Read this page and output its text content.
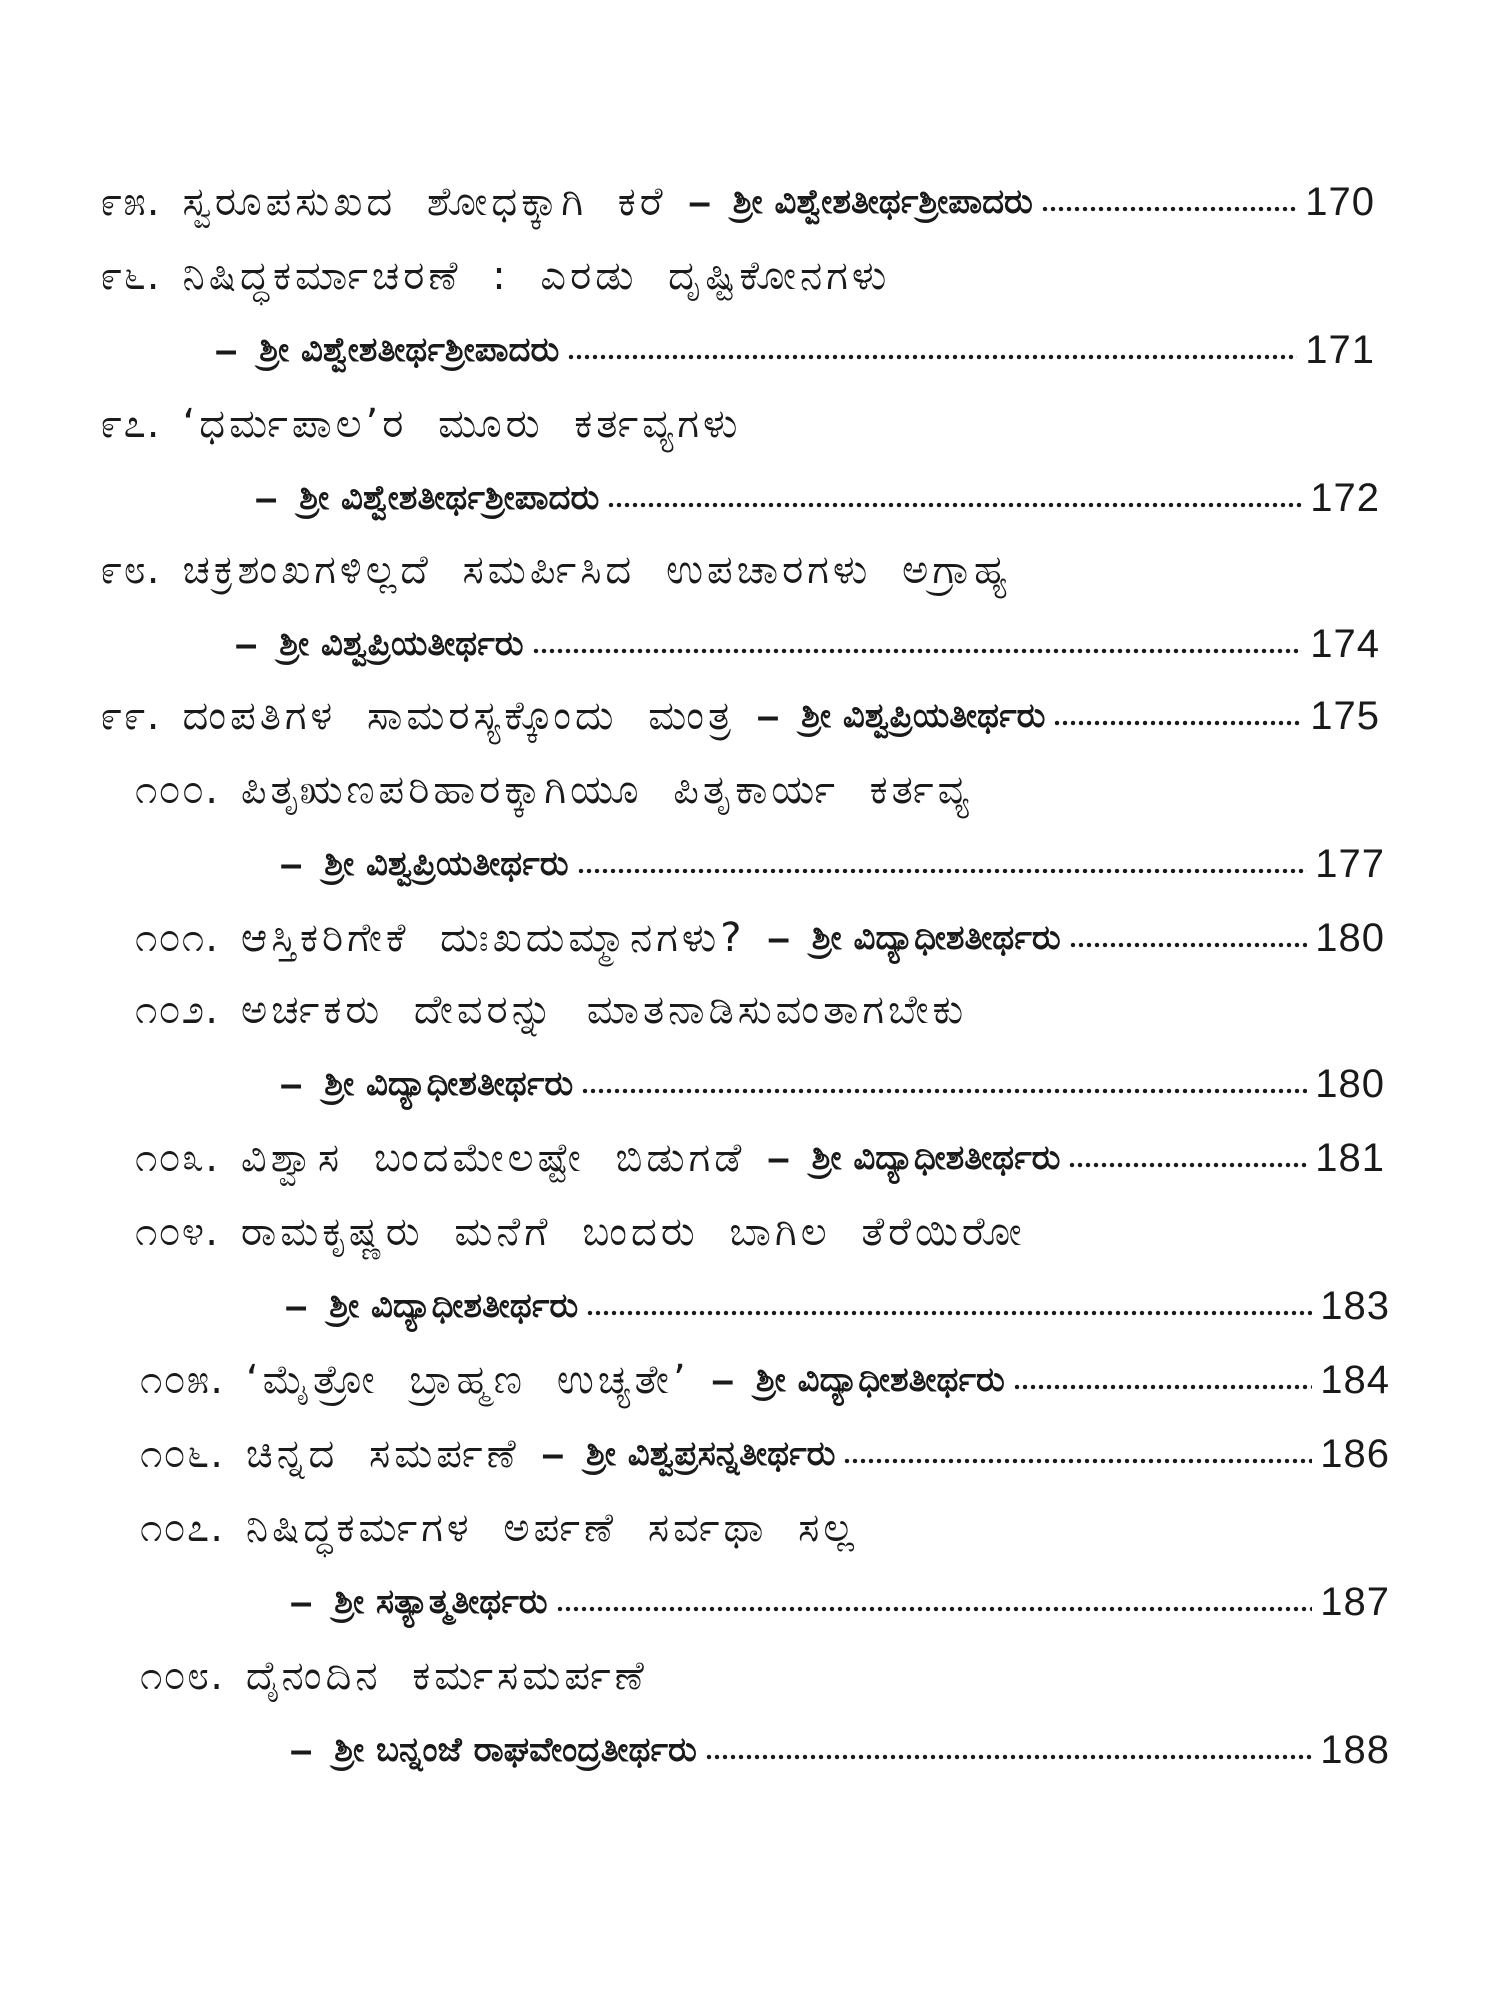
೯೫. ಸ್ವರೂಪಸುಖದ ಶೋಧಕ್ಕಾಗಿ ಕರೆ – ಶ್ರೀ ವಿಶ್ವೇಶತೀರ್ಥಶ್ರೀಪಾದರು	170
೯೬. ನಿಷಿದ್ಧಕರ್ಮಾಚರಣೆ : ಎರಡು ದೃಷ್ಟಿಕೋನಗಳು
– ಶ್ರೀ ವಿಶ್ವೇಶತೀರ್ಥಶ್ರೀಪಾದರು	171
೯೭. ‘ಧರ್ಮಪಾಲ’ರ ಮೂರು ಕರ್ತವ್ಯಗಳು
– ಶ್ರೀ ವಿಶ್ವೇಶತೀರ್ಥಶ್ರೀಪಾದರು	172
೯೮. ಚಕ್ರಶಂಖಗಳಿಲ್ಲದೆ ಸಮರ್ಪಿಸಿದ ಉಪಚಾರಗಳು ಅಗ್ರಾಹ್ಯ
– ಶ್ರೀ ವಿಶ್ವಪ್ರಿಯತೀರ್ಥರು	174
೯೯. ದಂಪತಿಗಳ ಸಾಮರಸ್ಯಕ್ಕೊಂದು ಮಂತ್ರ – ಶ್ರೀ ವಿಶ್ವಪ್ರಿಯತೀರ್ಥರು	175
೧೦೦. ಪಿತೃಋಣಪರಿಹಾರಕ್ಕಾಗಿಯೂ ಪಿತೃಕಾರ್ಯ ಕರ್ತವ್ಯ
– ಶ್ರೀ ವಿಶ್ವಪ್ರಿಯತೀರ್ಥರು	177
೧೦೧. ಆಸ್ತಿಕರಿಗೇಕೆ ದುಃಖದುಮ್ಮಾನಗಳು? – ಶ್ರೀ ವಿದ್ಯಾಧೀಶತೀರ್ಥರು	180
೧೦೨. ಅರ್ಚಕರು ದೇವರನ್ನು ಮಾತನಾಡಿಸುವಂತಾಗಬೇಕು
– ಶ್ರೀ ವಿದ್ಯಾಧೀಶತೀರ್ಥರು	180
೧೦೩. ವಿಶ್ವಾಸ ಬಂದಮೇಲಷ್ಟೇ ಬಿಡುಗಡೆ – ಶ್ರೀ ವಿದ್ಯಾಧೀಶತೀರ್ಥರು	181
೧೦೪. ರಾಮಕೃಷ್ಣರು ಮನೆಗೆ ಬಂದರು ಬಾಗಿಲ ತೆರೆಯಿರೋ
– ಶ್ರೀ ವಿದ್ಯಾಧೀಶತೀರ್ಥರು	183
೧೦೫. ‘ಮೈತ್ರೋ ಬ್ರಾಹ್ಮಣ ಉಚ್ಯತೇ’ – ಶ್ರೀ ವಿದ್ಯಾಧೀಶತೀರ್ಥರು	184
೧೦೬. ಚಿನ್ನದ ಸಮರ್ಪಣೆ – ಶ್ರೀ ವಿಶ್ವಪ್ರಸನ್ನತೀರ್ಥರು	186
೧೦೭. ನಿಷಿದ್ಧಕರ್ಮಗಳ ಅರ್ಪಣೆ ಸರ್ವಥಾ ಸಲ್ಲ
– ಶ್ರೀ ಸತ್ಯಾತ್ಮತೀರ್ಥರು	187
೧೦೮. ದೈನಂದಿನ ಕರ್ಮಸಮರ್ಪಣೆ
– ಶ್ರೀ ಬನ್ನಂಜೆ ರಾಘವೇಂದ್ರತೀರ್ಥರು	188
